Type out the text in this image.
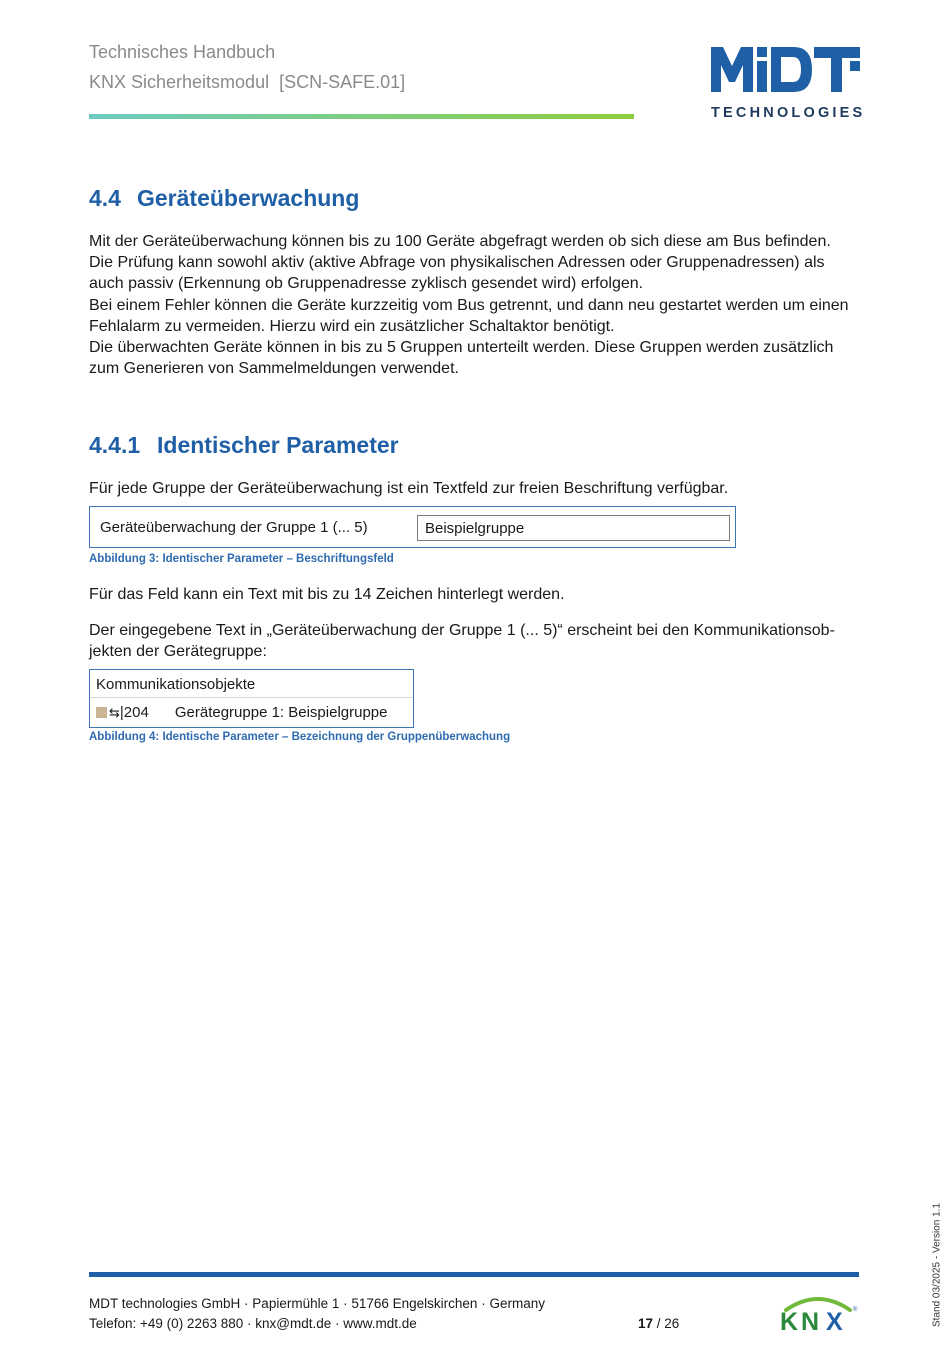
Technisches Handbuch
KNX Sicherheitsmodul [SCN-SAFE.01]
TECHNOLOGIES
4.4 Geräteüberwachung
Mit der Geräteüberwachung können bis zu 100 Geräte abgefragt werden ob sich diese am Bus befinden.
Die Prüfung kann sowohl aktiv (aktive Abfrage von physikalischen Adressen oder Gruppenadressen) als
auch passiv (Erkennung ob Gruppenadresse zyklisch gesendet wird) erfolgen.
Bei einem Fehler können die Geräte kurzzeitig vom Bus getrennt, und dann neu gestartet werden um einen
Fehlalarm zu vermeiden. Hierzu wird ein zusätzlicher Schaltaktor benötigt.
Die überwachten Geräte können in bis zu 5 Gruppen unterteilt werden. Diese Gruppen werden zusätzlich
zum Generieren von Sammelmeldungen verwendet.
4.4.1 Identischer Parameter
Für jede Gruppe der Geräteüberwachung ist ein Textfeld zur freien Beschriftung verfügbar.
Geräteüberwachung der Gruppe 1 (... 5)	Beispielgruppe
Abbildung 3: Identischer Parameter – Beschriftungsfeld
Für das Feld kann ein Text mit bis zu 14 Zeichen hinterlegt werden.
Der eingegebene Text in „Geräteüberwachung der Gruppe 1 (... 5)“ erscheint bei den Kommunikationsob-
jekten der Gerätegruppe:
Kommunikationsobjekte
⇆|204 Gerätegruppe 1: Beispielgruppe
Abbildung 4: Identische Parameter – Bezeichnung der Gruppenüberwachung
MDT technologies GmbH · Papiermühle 1 · 51766 Engelskirchen · Germany
Telefon: +49 (0) 2263 880 · knx@mdt.de · www.mdt.de	17 / 26	K N X ®	Stand 03/2025 - Version 1.1
